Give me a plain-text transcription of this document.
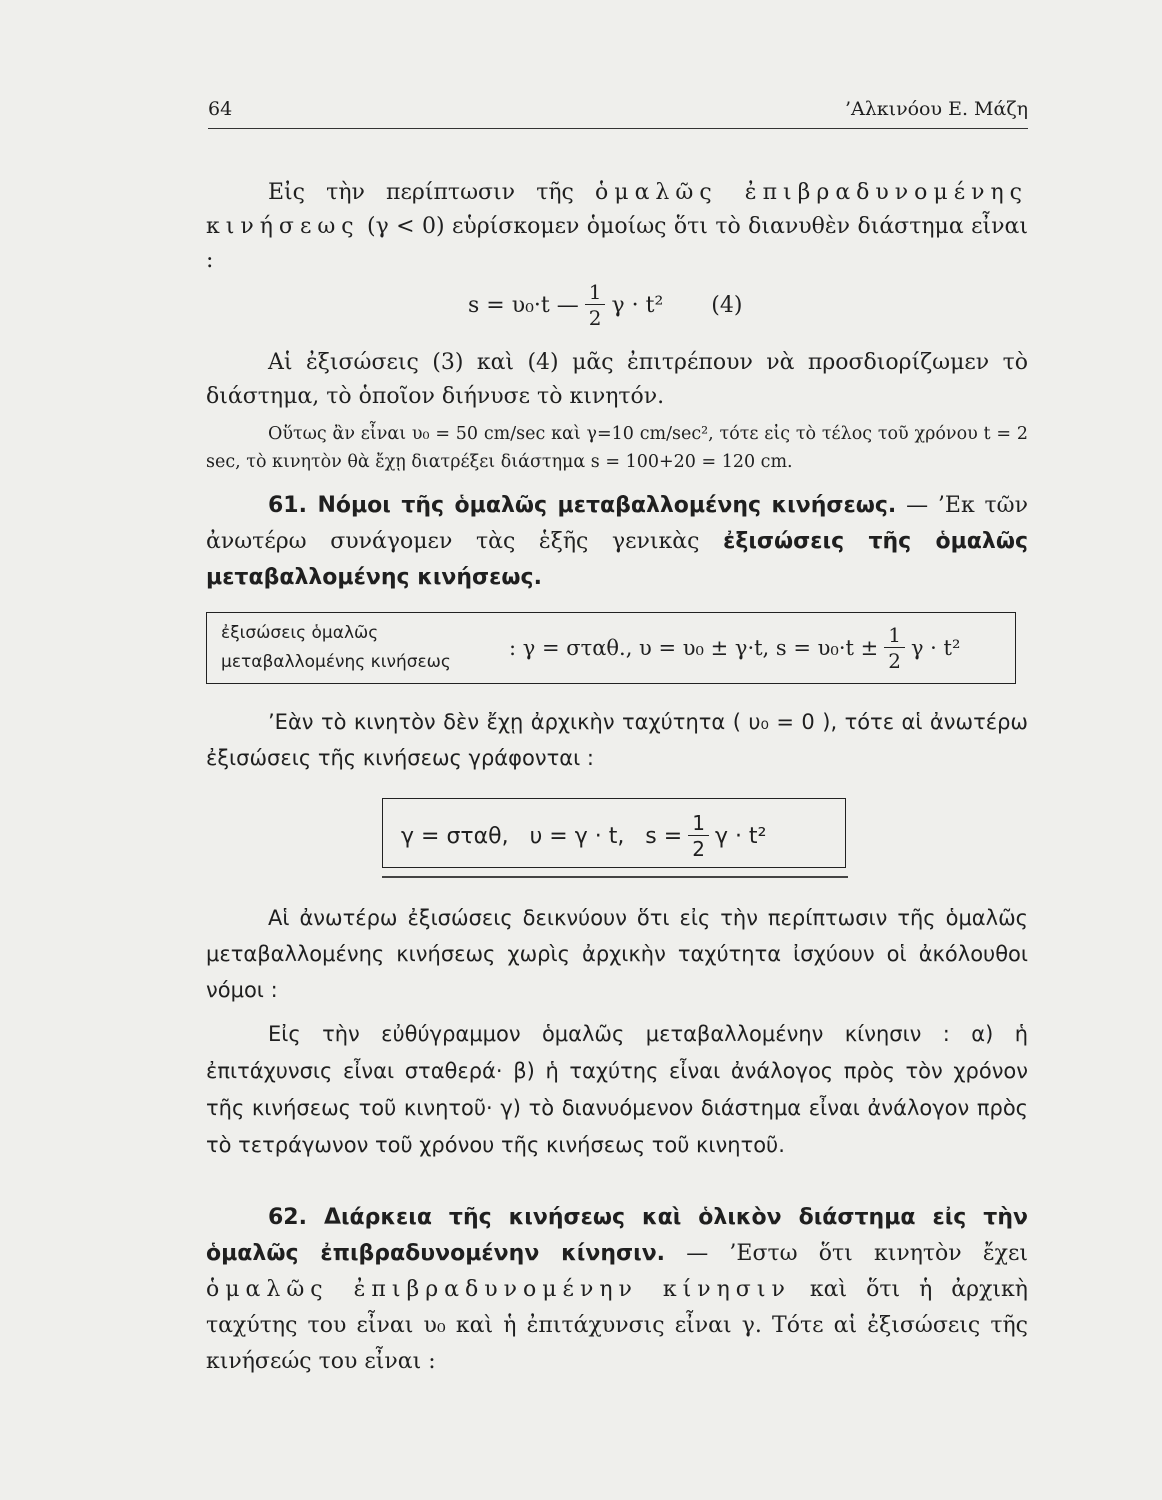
64	’Αλκινόου Ε. Μάζη
Εἰς τὴν περίπτωσιν τῆς ὁμαλῶς ἐπιβραδυνομένης κινήσεως (γ < 0) εὑρίσκομεν ὁμοίως ὅτι τὸ διανυθὲν διάστημα εἶναι :
s = υ₀·t — $\frac{1}{2}$ γ · t² (4)
Αἱ ἐξισώσεις (3) καὶ (4) μᾶς ἐπιτρέπουν νὰ προσδιορίζωμεν τὸ διάστημα, τὸ ὁποῖον διήνυσε τὸ κινητόν.
Οὕτως ἂν εἶναι υ₀ = 50 cm/sec καὶ γ=10 cm/sec², τότε εἰς τὸ τέλος τοῦ χρόνου t = 2 sec, τὸ κινητὸν θὰ ἔχῃ διατρέξει διάστημα s = 100+20 = 120 cm.
61. Νόμοι τῆς ὁμαλῶς μεταβαλλομένης κινήσεως. — ’Εκ τῶν ἀνωτέρω συνάγομεν τὰς ἑξῆς γενικὰς ἐξισώσεις τῆς ὁμαλῶς μεταβαλλομένης κινήσεως.
ἐξισώσεις ὁμαλῶς μεταβαλλομένης κινήσεως
: γ = σταθ., υ = υ₀ ± γ·t, $s = \upsilon_0\cdot t \pm \frac{1}{2}$ γ · t²
’Εὰν τὸ κινητὸν δὲν ἔχῃ ἀρχικὴν ταχύτητα ( υ₀ = 0 ), τότε αἱ ἀνωτέρω ἐξισώσεις τῆς κινήσεως γράφονται :
γ = σταθ,   υ = γ · t,   $s = \frac{1}{2}$ γ · t²
Αἱ ἀνωτέρω ἐξισώσεις δεικνύουν ὅτι εἰς τὴν περίπτωσιν τῆς ὁμαλῶς μεταβαλλομένης κινήσεως χωρὶς ἀρχικὴν ταχύτητα ἰσχύουν οἱ ἀκόλουθοι νόμοι :
Εἰς τὴν εὐθύγραμμον ὁμαλῶς μεταβαλλομένην κίνησιν : α) ἡ ἐπιτάχυνσις εἶναι σταθερά· β) ἡ ταχύτης εἶναι ἀνάλογος πρὸς τὸν χρόνον τῆς κινήσεως τοῦ κινητοῦ· γ) τὸ διανυόμενον διάστημα εἶναι ἀνάλογον πρὸς τὸ τετράγωνον τοῦ χρόνου τῆς κινήσεως τοῦ κινητοῦ.
62. Διάρκεια τῆς κινήσεως καὶ ὁλικὸν διάστημα εἰς τὴν ὁμαλῶς ἐπιβραδυνομένην κίνησιν. — ’Εστω ὅτι κινητὸν ἔχει ὁμαλῶς ἐπιβραδυνομένην κίνησιν καὶ ὅτι ἡ ἀρχικὴ ταχύτης του εἶναι υ₀ καὶ ἡ ἐπιτάχυνσις εἶναι γ. Τότε αἱ ἐξισώσεις τῆς κινήσεώς του εἶναι :
